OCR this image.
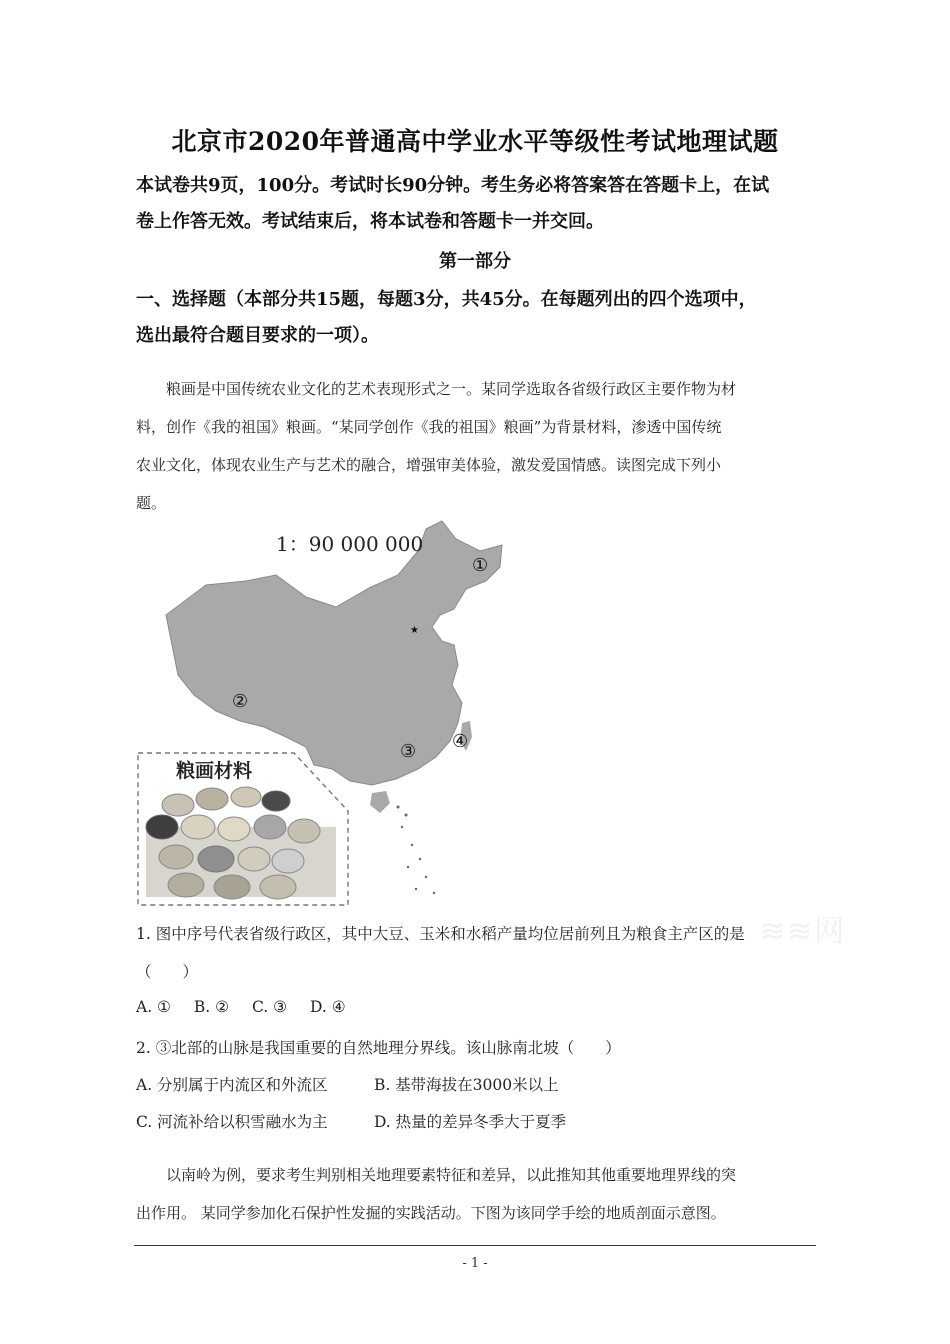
北京市2020年普通高中学业水平等级性考试地理试题
本试卷共9页，100分。考试时长90分钟。考生务必将答案答在答题卡上，在试
卷上作答无效。考试结束后，将本试卷和答题卡一并交回。
第一部分
一、选择题（本部分共15题，每题3分，共45分。在每题列出的四个选项中，
选出最符合题目要求的一项）。
粮画是中国传统农业文化的艺术表现形式之一。某同学选取各省级行政区主要作物为材
料，创作《我的祖国》粮画。“某同学创作《我的祖国》粮画”为背景材料，渗透中国传统
农业文化，体现农业生产与艺术的融合，增强审美体验，激发爱国情感。读图完成下列小
题。
1：90 000 000
★
①
②
③ ④
粮画材料
≋≋网
1. 图中序号代表省级行政区，其中大豆、玉米和水稻产量均位居前列且为粮食主产区的是
（　　）
A. ① B. ② C. ③ D. ④
2. ③北部的山脉是我国重要的自然地理分界线。该山脉南北坡（　　）
A. 分别属于内流区和外流区	B. 基带海拔在3000米以上
C. 河流补给以积雪融水为主	D. 热量的差异冬季大于夏季
以南岭为例，要求考生判别相关地理要素特征和差异，以此推知其他重要地理界线的突
出作用。 某同学参加化石保护性发掘的实践活动。下图为该同学手绘的地质剖面示意图。
- 1 -
